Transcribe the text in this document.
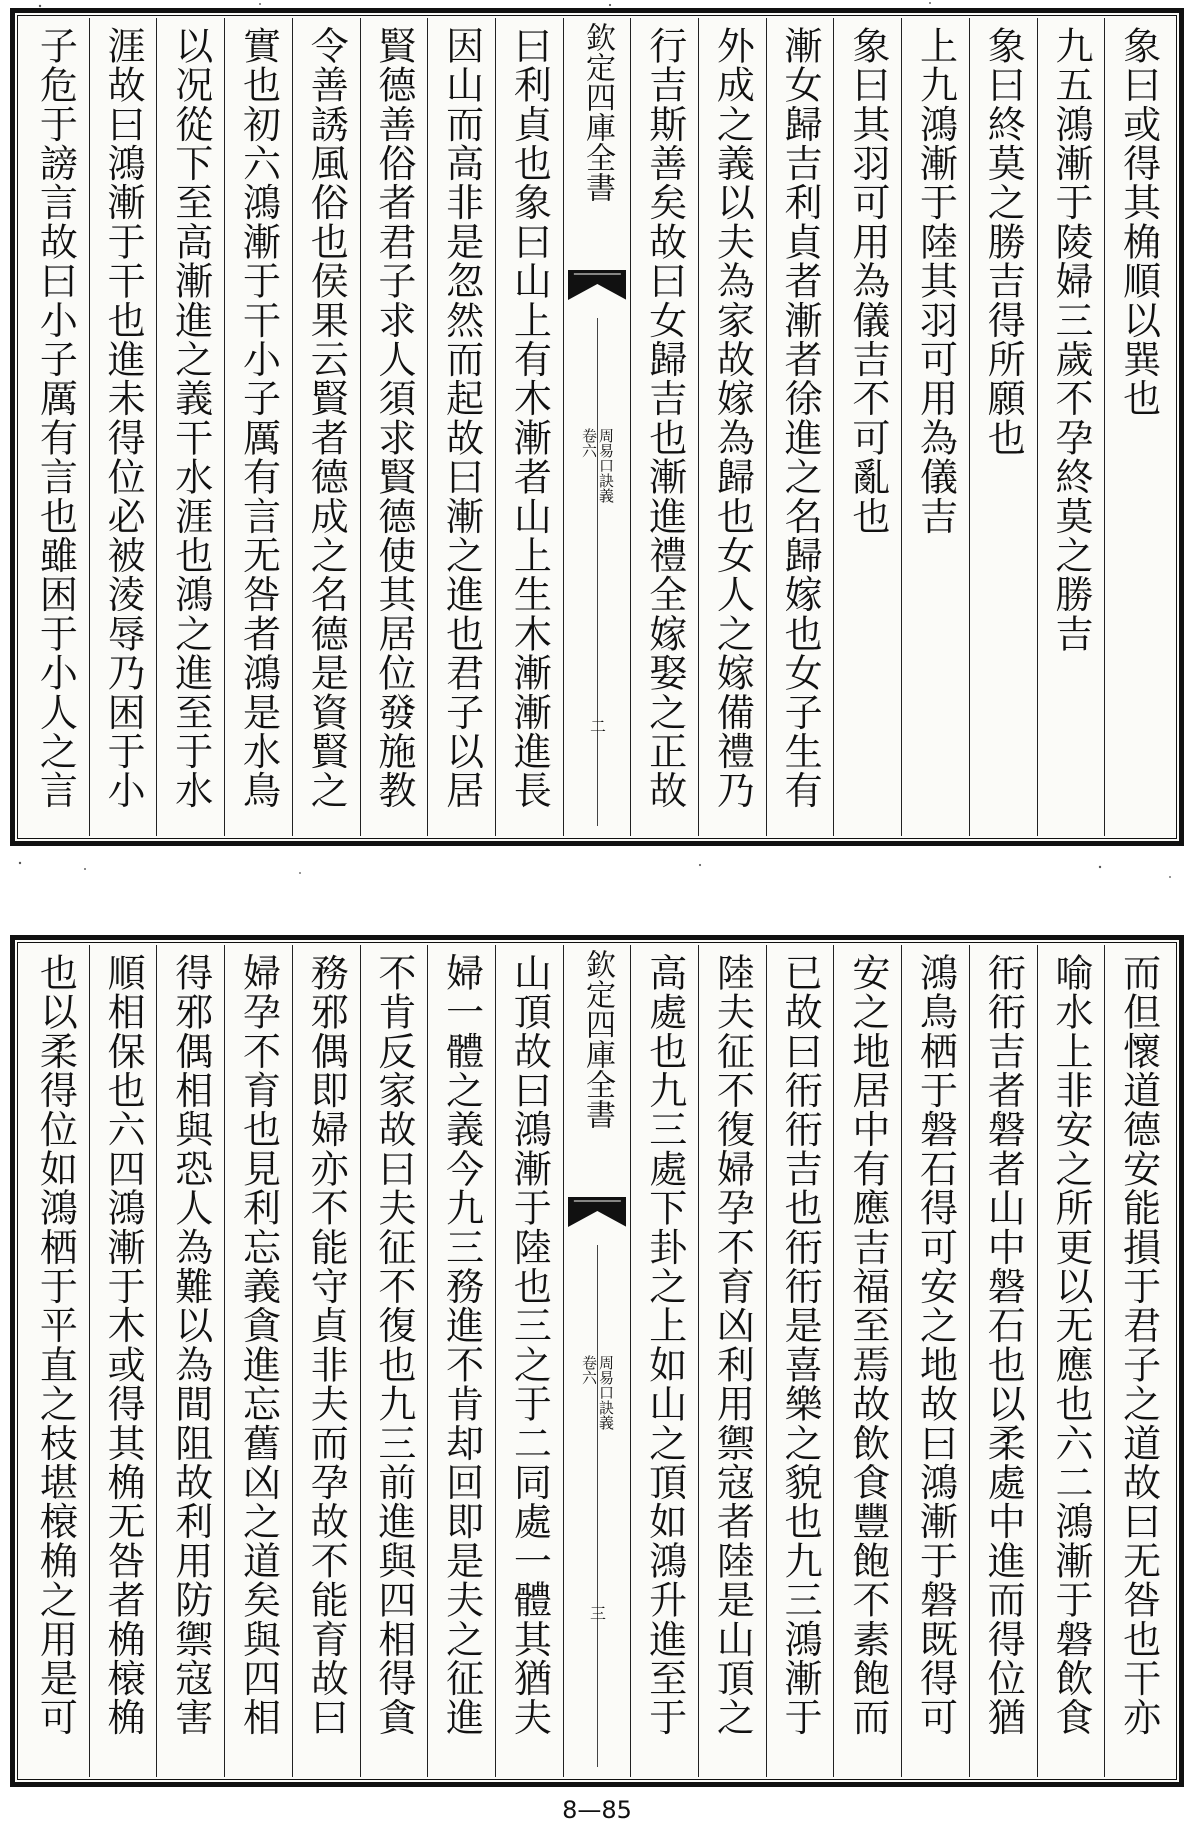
象曰或得其桷順以巽也
九五鴻漸于陵婦三歲不孕終莫之勝吉
象曰終莫之勝吉得所願也
上九鴻漸于陸其羽可用為儀吉
象曰其羽可用為儀吉不可亂也
漸女歸吉利貞者漸者徐進之名歸嫁也女子生有
外成之義以夫為家故嫁為歸也女人之嫁備禮乃
行吉斯善矣故曰女歸吉也漸進禮全嫁娶之正故
欽定四庫全書
周易口訣義
卷六
二
曰利貞也象曰山上有木漸者山上生木漸漸進長
因山而高非是忽然而起故曰漸之進也君子以居
賢德善俗者君子求人須求賢德使其居位發施教
令善誘風俗也侯果云賢者德成之名德是資賢之
實也初六鴻漸于干小子厲有言无咎者鴻是水鳥
以况從下至高漸進之義干水涯也鴻之進至于水
涯故曰鴻漸于干也進未得位必被淩辱乃困于小
子危于謗言故曰小子厲有言也雖困于小人之言
而但懷道德安能損于君子之道故曰无咎也干亦
喻水上非安之所更以无應也六二鴻漸于磐飲食
衎衎吉者磐者山中磐石也以柔處中進而得位猶
鴻鳥栖于磐石得可安之地故曰鴻漸于磐既得可
安之地居中有應吉福至焉故飲食豐飽不素飽而
已故曰衎衎吉也衎衎是喜樂之貌也九三鴻漸于
陸夫征不復婦孕不育凶利用禦寇者陸是山頂之
高處也九三處下卦之上如山之頂如鴻升進至于
欽定四庫全書
周易口訣義
卷六
三
山頂故曰鴻漸于陸也三之于二同處一體其猶夫
婦一體之義今九三務進不肯却回即是夫之征進
不肯反家故曰夫征不復也九三前進與四相得貪
務邪偶即婦亦不能守貞非夫而孕故不能育故曰
婦孕不育也見利忘義貪進忘舊凶之道矣與四相
得邪偶相與恐人為難以為間阻故利用防禦寇害
順相保也六四鴻漸于木或得其桷无咎者桷榱桷
也以柔得位如鴻栖于平直之枝堪榱桷之用是可
8—85
